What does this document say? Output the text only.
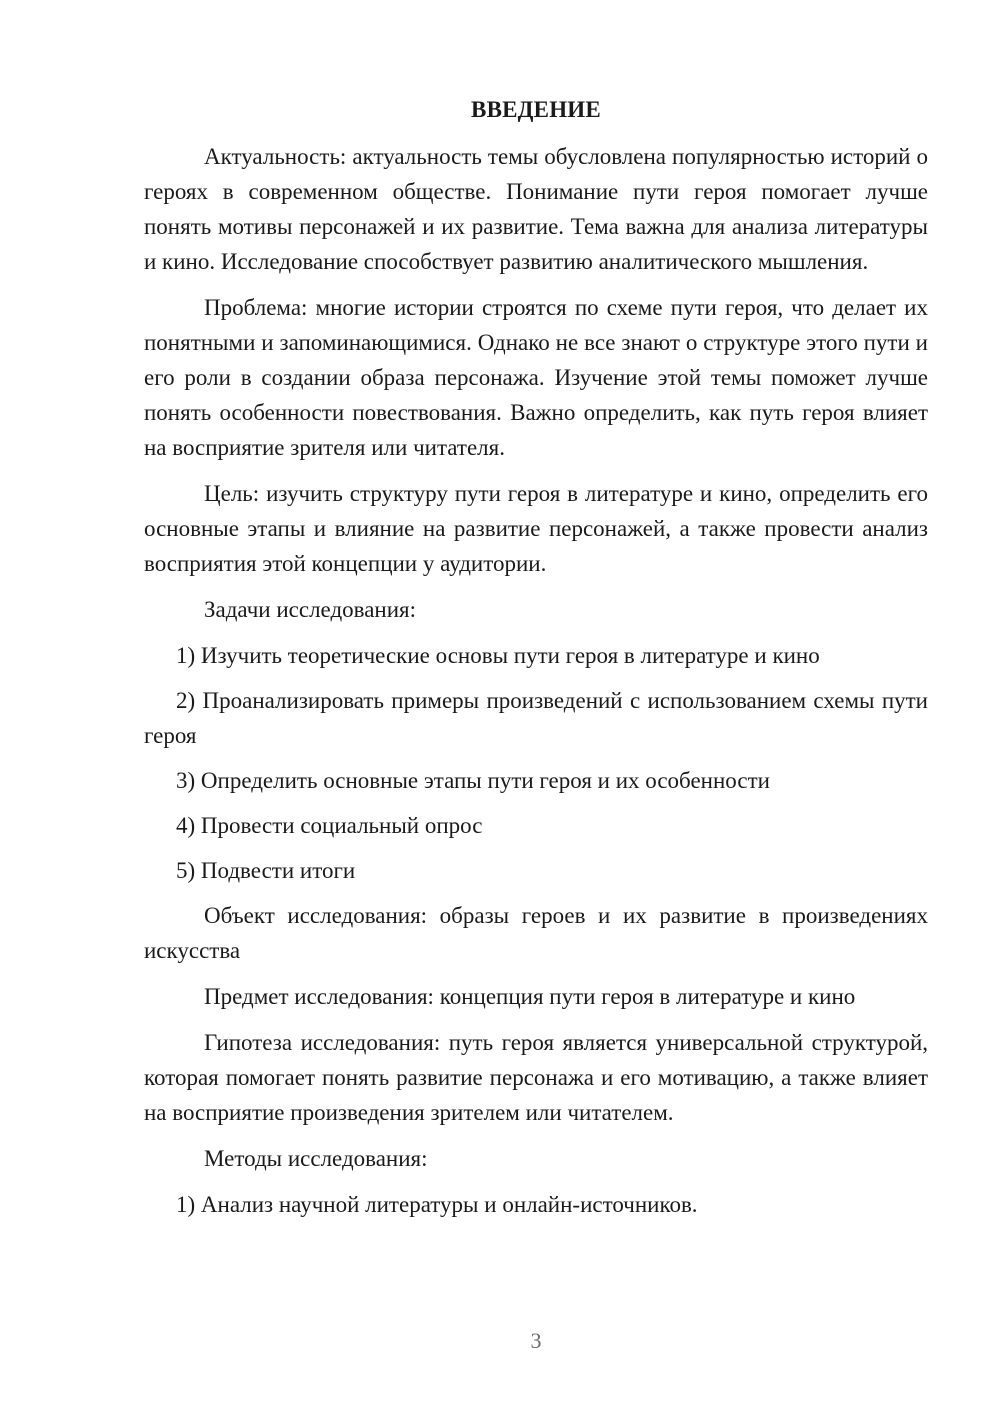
ВВЕДЕНИЕ

Актуальность: актуальность темы обусловлена популярностью историй о героях в современном обществе. Понимание пути героя помогает лучше понять мотивы персонажей и их развитие. Тема важна для анализа литературы и кино. Исследование способствует развитию аналитического мышления.

Проблема: многие истории строятся по схеме пути героя, что делает их понятными и запоминающимися. Однако не все знают о структуре этого пути и его роли в создании образа персонажа. Изучение этой темы поможет лучше понять особенности повествования. Важно определить, как путь героя влияет на восприятие зрителя или читателя.

Цель: изучить структуру пути героя в литературе и кино, определить его основные этапы и влияние на развитие персонажей, а также провести анализ восприятия этой концепции у аудитории.

Задачи исследования:

1) Изучить теоретические основы пути героя в литературе и кино

2) Проанализировать примеры произведений с использованием схемы пути героя

3) Определить основные этапы пути героя и их особенности

4) Провести социальный опрос

5) Подвести итоги

Объект исследования: образы героев и их развитие в произведениях искусства

Предмет исследования: концепция пути героя в литературе и кино

Гипотеза исследования: путь героя является универсальной структурой, которая помогает понять развитие персонажа и его мотивацию, а также влияет на восприятие произведения зрителем или читателем.

Методы исследования:

1) Анализ научной литературы и онлайн-источников.

3
